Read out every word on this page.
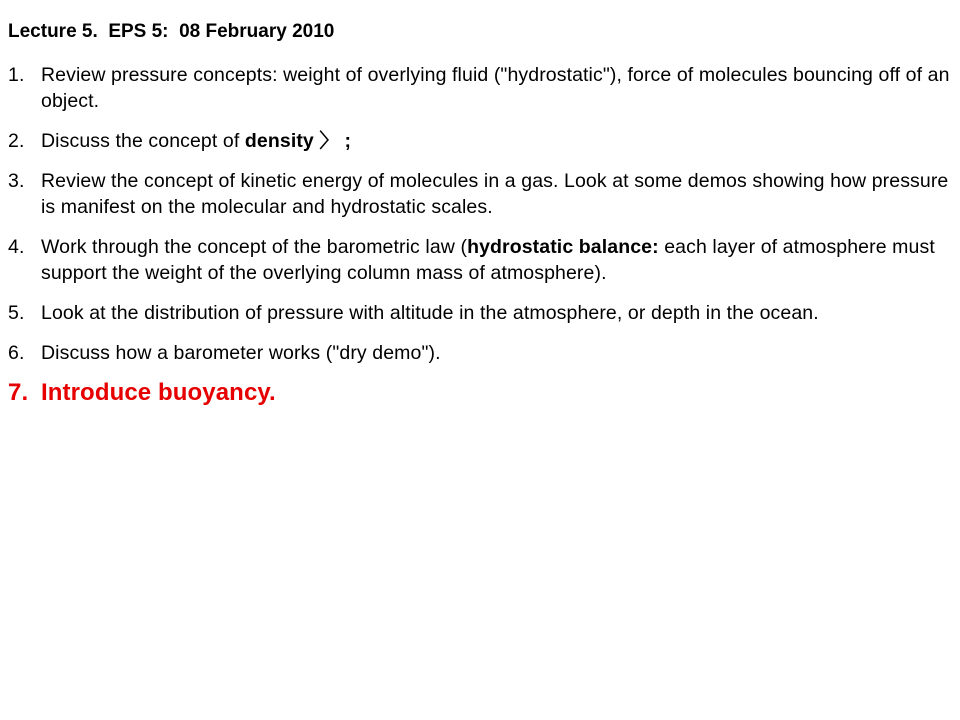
Lecture 5.  EPS 5:  08 February 2010
1. Review pressure concepts: weight of overlying fluid ("hydrostatic"), force of molecules bouncing off of an object.
2. Discuss the concept of density 〉 ;
3. Review the concept of kinetic energy of molecules in a gas. Look at some demos showing how pressure is manifest on the molecular and hydrostatic scales.
4. Work through the concept of the barometric law (hydrostatic balance: each layer of atmosphere must support the weight of the overlying column mass of atmosphere).
5. Look at the distribution of pressure with altitude in the atmosphere, or depth in the ocean.
6. Discuss how a barometer works ("dry demo").
7. Introduce buoyancy.
